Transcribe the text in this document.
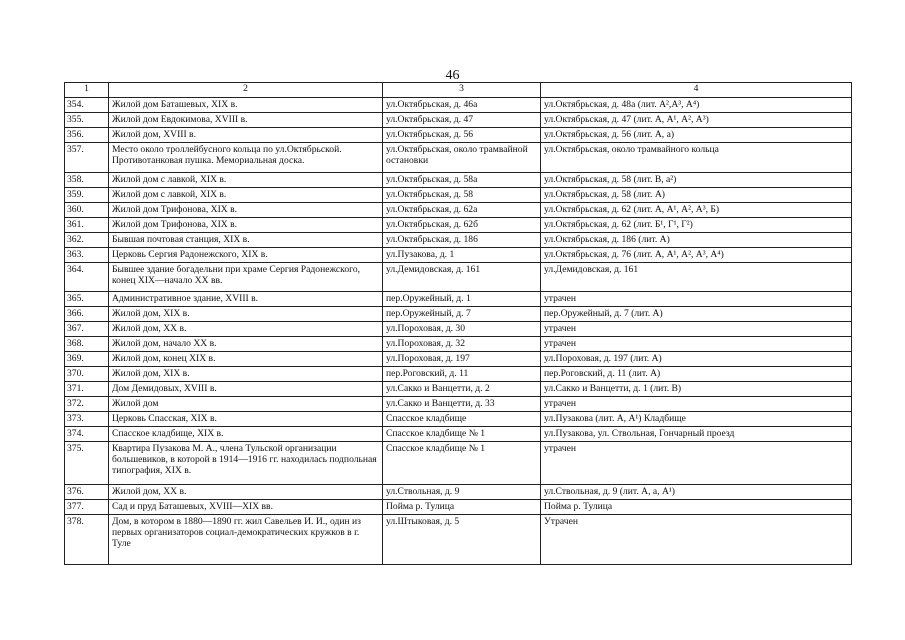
46
1	2	3	4
354.	Жилой дом Баташевых, XIX в.	ул.Октябрьская, д. 46а	ул.Октябрьская, д. 48а (лит. А²,А³, А⁴)
355.	Жилой дом Евдокимова, XVIII в.	ул.Октябрьская, д. 47	ул.Октябрьская, д. 47 (лит. А, А¹, А², А³)
356.	Жилой дом, XVIII в.	ул.Октябрьская, д. 56	ул.Октябрьская, д. 56 (лит. А, а)
357.	Место около троллейбусного кольца по ул.Октябрьской. Противотанковая пушка. Мемориальная доска.	ул.Октябрьская, около трамвайной остановки	ул.Октябрьская, около трамвайного кольца
358.	Жилой дом с лавкой, XIX в.	ул.Октябрьская, д. 58а	ул.Октябрьская, д. 58 (лит. В, а²)
359.	Жилой дом с лавкой, XIX в.	ул.Октябрьская, д. 58	ул.Октябрьская, д. 58 (лит. А)
360.	Жилой дом Трифонова, XIX в.	ул.Октябрьская, д. 62а	ул.Октябрьская, д. 62 (лит. А, А¹, А², А³, Б)
361.	Жилой дом Трифонова, XIX в.	ул.Октябрьская, д. 62б	ул.Октябрьская, д. 62 (лит. Б¹, Г¹, Г²)
362.	Бывшая почтовая станция, XIX в.	ул.Октябрьская, д. 186	ул.Октябрьская, д. 186 (лит. А)
363.	Церковь Сергия Радонежского, XIX в.	ул.Пузакова, д. 1	ул.Октябрьская, д. 76 (лит. А, А¹, А², А³, А⁴)
364.	Бывшее здание богадельни при храме Сергия Радонежского, конец XIX—начало XX вв.	ул.Демидовская, д. 161	ул.Демидовская, д. 161
365.	Административное здание, XVIII в.	пер.Оружейный, д. 1	утрачен
366.	Жилой дом, XIX в.	пер.Оружейный, д. 7	пер.Оружейный, д. 7 (лит. А)
367.	Жилой дом, XX в.	ул.Пороховая, д. 30	утрачен
368.	Жилой дом, начало XX в.	ул.Пороховая, д. 32	утрачен
369.	Жилой дом, конец XIX в.	ул.Пороховая, д. 197	ул.Пороховая, д. 197 (лит. А)
370.	Жилой дом, XIX в.	пер.Роговский, д. 11	пер.Роговский, д. 11 (лит. А)
371.	Дом Демидовых, XVIII в.	ул.Сакко и Ванцетти, д. 2	ул.Сакко и Ванцетти, д. 1 (лит. В)
372.	Жилой дом	ул.Сакко и Ванцетти, д. 33	утрачен
373.	Церковь Спасская, XIX в.	Спасское кладбище	ул.Пузакова (лит. А, А¹) Кладбище
374.	Спасское кладбище, XIX в.	Спасское кладбище № 1	ул.Пузакова, ул. Ствольная, Гончарный проезд
375.	Квартира Пузакова М. А., члена Тульской организации большевиков, в которой в 1914—1916 гг. находилась подпольная типография, XIX в.	Спасское кладбище № 1	утрачен
376.	Жилой дом, XX в.	ул.Ствольная, д. 9	ул.Ствольная, д. 9 (лит. А, а, А¹)
377.	Сад и пруд Баташевых, XVIII—XIX вв.	Пойма р. Тулица	Пойма р. Тулица
378.	Дом, в котором в 1880—1890 гг. жил Савельев И. И., один из первых организаторов социал-демократических кружков в г. Туле	ул.Штыковая, д. 5	Утрачен
